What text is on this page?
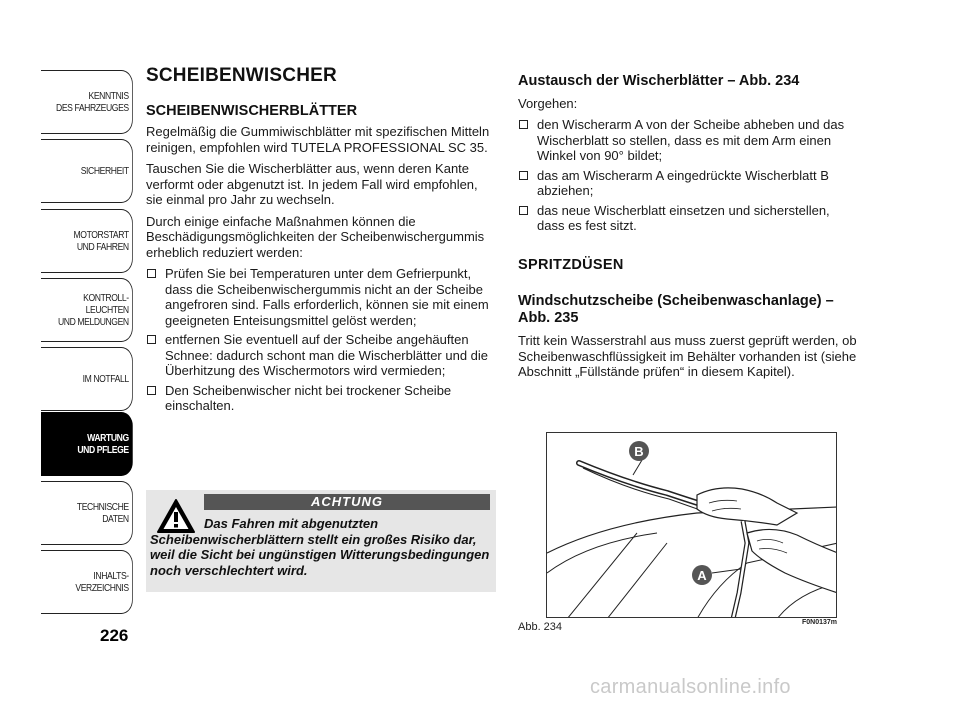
KENNTNIS
DES FAHRZEUGES
SICHERHEIT
MOTORSTART
UND FAHREN
KONTROLL-
LEUCHTEN
UND MELDUNGEN
IM NOTFALL
WARTUNG
UND PFLEGE
TECHNISCHE
DATEN
INHALTS-
VERZEICHNIS
226
SCHEIBENWISCHER
SCHEIBENWISCHERBLÄTTER

Regelmäßig die Gummiwischblätter mit spezifischen Mitteln reinigen, empfohlen wird TUTELA PROFESSIONAL SC 35.

Tauschen Sie die Wischerblätter aus, wenn deren Kante verformt oder abgenutzt ist. In jedem Fall wird empfohlen, sie einmal pro Jahr zu wechseln.

Durch einige einfache Maßnahmen können die Beschädigungsmöglichkeiten der Scheibenwischergummis erheblich reduziert werden:

Prüfen Sie bei Temperaturen unter dem Gefrierpunkt, dass die Scheibenwischergummis nicht an der Scheibe angefroren sind. Falls erforderlich, können sie mit einem geeigneten Enteisungsmittel gelöst werden;
entfernen Sie eventuell auf der Scheibe angehäuften Schnee: dadurch schont man die Wischerblätter und die Überhitzung des Wischermotors wird vermieden;
Den Scheibenwischer nicht bei trockener Scheibe einschalten.
ACHTUNG
Das Fahren mit abgenutzten Scheibenwischerblättern stellt ein großes Risiko dar, weil die Sicht bei ungünstigen Witterungsbedingungen noch verschlechtert wird.
Austausch der Wischerblätter – Abb. 234

Vorgehen:

den Wischerarm A von der Scheibe abheben und das Wischerblatt so stellen, dass es mit dem Arm einen Winkel von 90° bildet;
das am Wischerarm A eingedrückte Wischerblatt B abziehen;
das neue Wischerblatt einsetzen und sicherstellen, dass es fest sitzt.
SPRITZDÜSEN
Windschutzscheibe (Scheibenwaschanlage) – Abb. 235

Tritt kein Wasserstrahl aus muss zuerst geprüft werden, ob Scheibenwaschflüssigkeit im Behälter vorhanden ist (siehe Abschnitt „Füllstände prüfen“ in diesem Kapitel).

B
A
Abb. 234	F0N0137m
carmanualsonline.info
